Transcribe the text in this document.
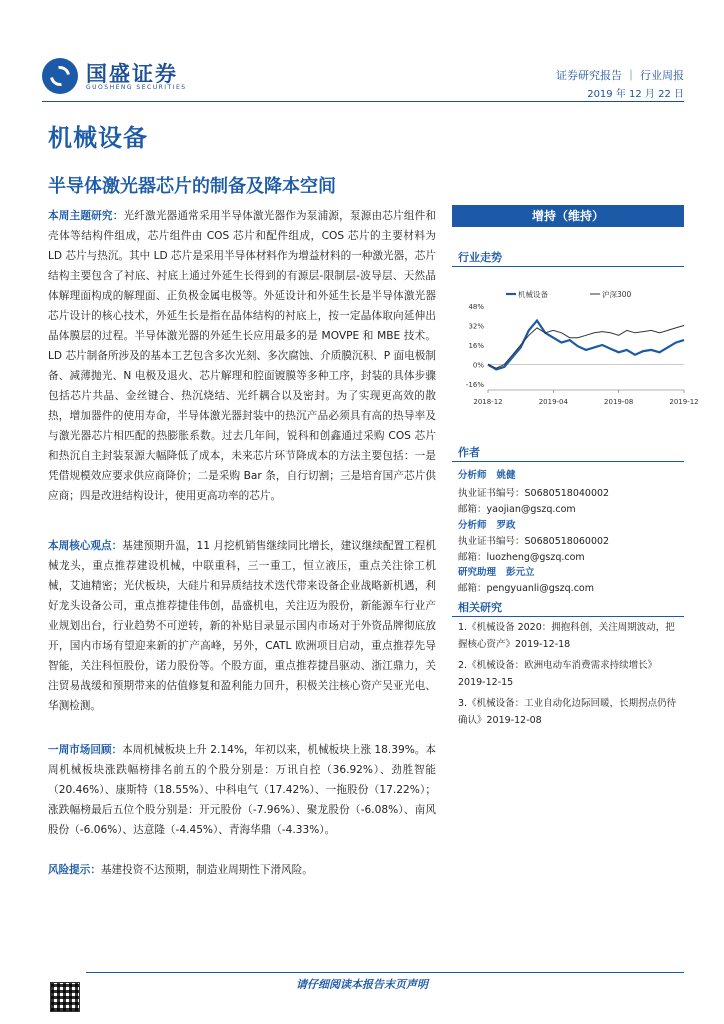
国盛证券
GUOSHENG SECURITIES
证券研究报告 ｜ 行业周报
2019 年 12 月 22 日
机械设备
半导体激光器芯片的制备及降本空间
本周主题研究：光纤激光器通常采用半导体激光器作为泵浦源，泵源由芯片组件和壳体等结构件组成，芯片组件由 COS 芯片和配件组成，COS 芯片的主要材料为 LD 芯片与热沉。其中 LD 芯片是采用半导体材料作为增益材料的一种激光器，芯片结构主要包含了衬底、衬底上通过外延生长得到的有源层-限制层-波导层、天然晶体解理面构成的解理面、正负极金属电极等。外延设计和外延生长是半导体激光器芯片设计的核心技术，外延生长是指在晶体结构的衬底上，按一定晶体取向延伸出晶体膜层的过程。半导体激光器的外延生长应用最多的是 MOVPE 和 MBE 技术。LD 芯片制备所涉及的基本工艺包含多次光刻、多次腐蚀、介质膜沉积、P 面电极制备、减薄抛光、N 电极及退火、芯片解理和腔面镀膜等多种工序，封装的具体步骤包括芯片共晶、金丝键合、热沉烧结、光纤耦合以及密封。为了实现更高效的散热，增加器件的使用寿命，半导体激光器封装中的热沉产品必须具有高的热导率及与激光器芯片相匹配的热膨胀系数。过去几年间，锐科和创鑫通过采购 COS 芯片和热沉自主封装泵源大幅降低了成本，未来芯片环节降成本的方法主要包括：一是凭借规模效应要求供应商降价；二是采购 Bar 条，自行切割；三是培育国产芯片供应商；四是改进结构设计，使用更高功率的芯片。
本周核心观点：基建预期升温，11 月挖机销售继续同比增长，建议继续配置工程机械龙头，重点推荐建设机械，中联重科，三一重工，恒立液压，重点关注徐工机械，艾迪精密；光伏板块，大硅片和异质结技术迭代带来设备企业战略新机遇，利好龙头设备公司，重点推荐捷佳伟创，晶盛机电，关注迈为股份，新能源车行业产业规划出台，行业趋势不可逆转，新的补贴目录显示国内市场对于外资品牌彻底放开，国内市场有望迎来新的扩产高峰，另外，CATL 欧洲项目启动，重点推荐先导智能，关注科恒股份，诺力股份等。个股方面，重点推荐捷昌驱动、浙江鼎力，关注贸易战缓和预期带来的估值修复和盈利能力回升，积极关注核心资产吴亚光电、华测检测。
一周市场回顾：本周机械板块上升 2.14%，年初以来，机械板块上涨 18.39%。本周机械板块涨跌幅榜排名前五的个股分别是：万讯自控（36.92%）、劲胜智能（20.46%）、康斯特（18.55%）、中科电气（17.42%）、一拖股份（17.22%）；涨跌幅榜最后五位个股分别是：开元股份（-7.96%）、聚龙股份（-6.08%）、南风股份（-6.06%）、达意隆（-4.45%）、青海华鼎（-4.33%）。
风险提示：基建投资不达预期，制造业周期性下滑风险。
增持（维持）
行业走势
48%
32%
16%
0%
-16%
2018-12	2019-04	2019-08	2019-12
机械设备	沪深300
作者
分析师 姚健
执业证书编号：S0680518040002
邮箱：yaojian@gszq.com
分析师 罗政
执业证书编号：S0680518060002
邮箱：luozheng@gszq.com
研究助理 彭元立
邮箱：pengyuanli@gszq.com
相关研究
1.《机械设备 2020：拥抱科创，关注周期波动，把握核心资产》2019-12-18
2.《机械设备：欧洲电动车消费需求持续增长》2019-12-15
3.《机械设备：工业自动化边际回暖，长期拐点仍待确认》2019-12-08
请仔细阅读本报告末页声明
